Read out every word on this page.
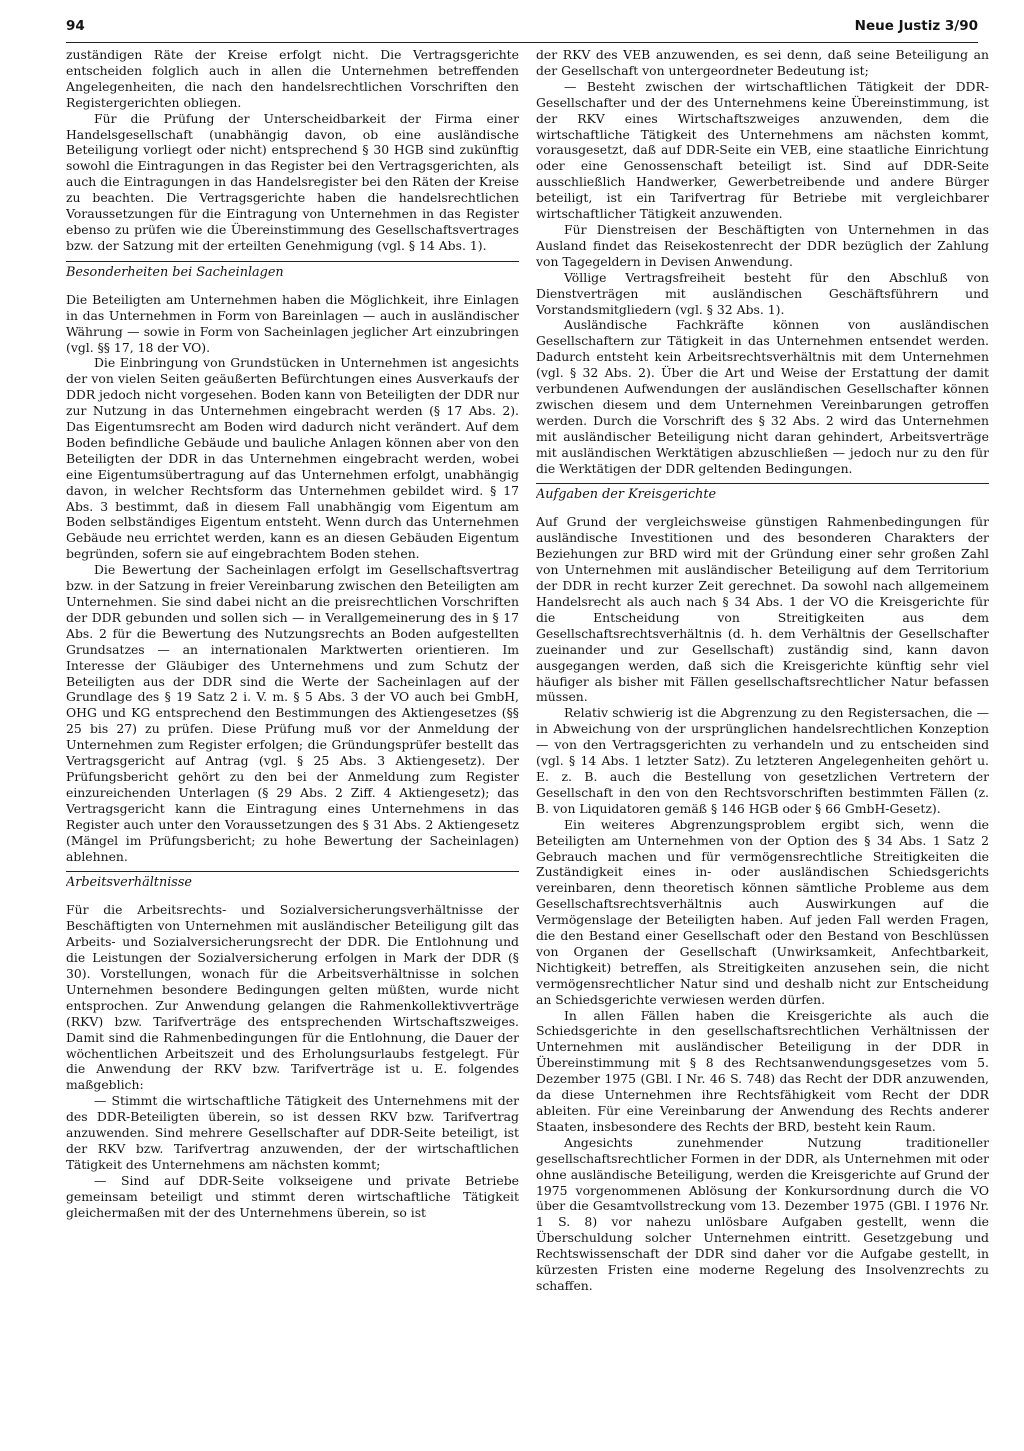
94	Neue Justiz 3/90

zuständigen Räte der Kreise erfolgt nicht. Die Vertragsgerichte entscheiden folglich auch in allen die Unternehmen betreffenden Angelegenheiten, die nach den handelsrechtlichen Vorschriften den Registergerichten obliegen.

Für die Prüfung der Unterscheidbarkeit der Firma einer Handelsgesellschaft (unabhängig davon, ob eine ausländische Beteiligung vorliegt oder nicht) entsprechend § 30 HGB sind zukünftig sowohl die Eintragungen in das Register bei den Vertragsgerichten, als auch die Eintragungen in das Handelsregister bei den Räten der Kreise zu beachten. Die Vertragsgerichte haben die handelsrechtlichen Voraussetzungen für die Eintragung von Unternehmen in das Register ebenso zu prüfen wie die Übereinstimmung des Gesellschaftsvertrages bzw. der Satzung mit der erteilten Genehmigung (vgl. § 14 Abs. 1).

Besonderheiten bei Sacheinlagen

Die Beteiligten am Unternehmen haben die Möglichkeit, ihre Einlagen in das Unternehmen in Form von Bareinlagen — auch in ausländischer Währung — sowie in Form von Sacheinlagen jeglicher Art einzubringen (vgl. §§ 17, 18 der VO).

Die Einbringung von Grundstücken in Unternehmen ist angesichts der von vielen Seiten geäußerten Befürchtungen eines Ausverkaufs der DDR jedoch nicht vorgesehen. Boden kann von Beteiligten der DDR nur zur Nutzung in das Unternehmen eingebracht werden (§ 17 Abs. 2). Das Eigentumsrecht am Boden wird dadurch nicht verändert. Auf dem Boden befindliche Gebäude und bauliche Anlagen können aber von den Beteiligten der DDR in das Unternehmen eingebracht werden, wobei eine Eigentumsübertragung auf das Unternehmen erfolgt, unabhängig davon, in welcher Rechtsform das Unternehmen gebildet wird. § 17 Abs. 3 bestimmt, daß in diesem Fall unabhängig vom Eigentum am Boden selbständiges Eigentum entsteht. Wenn durch das Unternehmen Gebäude neu errichtet werden, kann es an diesen Gebäuden Eigentum begründen, sofern sie auf eingebrachtem Boden stehen.

Die Bewertung der Sacheinlagen erfolgt im Gesellschaftsvertrag bzw. in der Satzung in freier Vereinbarung zwischen den Beteiligten am Unternehmen. Sie sind dabei nicht an die preisrechtlichen Vorschriften der DDR gebunden und sollen sich — in Verallgemeinerung des in § 17 Abs. 2 für die Bewertung des Nutzungsrechts an Boden aufgestellten Grundsatzes — an internationalen Marktwerten orientieren. Im Interesse der Gläubiger des Unternehmens und zum Schutz der Beteiligten aus der DDR sind die Werte der Sacheinlagen auf der Grundlage des § 19 Satz 2 i. V. m. § 5 Abs. 3 der VO auch bei GmbH, OHG und KG entsprechend den Bestimmungen des Aktiengesetzes (§§ 25 bis 27) zu prüfen. Diese Prüfung muß vor der Anmeldung der Unternehmen zum Register erfolgen; die Gründungsprüfer bestellt das Vertragsgericht auf Antrag (vgl. § 25 Abs. 3 Aktiengesetz). Der Prüfungsbericht gehört zu den bei der Anmeldung zum Register einzureichenden Unterlagen (§ 29 Abs. 2 Ziff. 4 Aktiengesetz); das Vertragsgericht kann die Eintragung eines Unternehmens in das Register auch unter den Voraussetzungen des § 31 Abs. 2 Aktiengesetz (Mängel im Prüfungsbericht; zu hohe Bewertung der Sacheinlagen) ablehnen.

Arbeitsverhältnisse

Für die Arbeitsrechts- und Sozialversicherungsverhältnisse der Beschäftigten von Unternehmen mit ausländischer Beteiligung gilt das Arbeits- und Sozialversicherungsrecht der DDR. Die Entlohnung und die Leistungen der Sozialversicherung erfolgen in Mark der DDR (§ 30). Vorstellungen, wonach für die Arbeitsverhältnisse in solchen Unternehmen besondere Bedingungen gelten müßten, wurde nicht entsprochen. Zur Anwendung gelangen die Rahmenkollektivverträge (RKV) bzw. Tarifverträge des entsprechenden Wirtschaftszweiges. Damit sind die Rahmenbedingungen für die Entlohnung, die Dauer der wöchentlichen Arbeitszeit und des Erholungsurlaubs festgelegt. Für die Anwendung der RKV bzw. Tarifverträge ist u. E. folgendes maßgeblich:

— Stimmt die wirtschaftliche Tätigkeit des Unternehmens mit der des DDR-Beteiligten überein, so ist dessen RKV bzw. Tarifvertrag anzuwenden. Sind mehrere Gesellschafter auf DDR-Seite beteiligt, ist der RKV bzw. Tarifvertrag anzuwenden, der der wirtschaftlichen Tätigkeit des Unternehmens am nächsten kommt;

— Sind auf DDR-Seite volkseigene und private Betriebe gemeinsam beteiligt und stimmt deren wirtschaftliche Tätigkeit gleichermaßen mit der des Unternehmens überein, so ist

der RKV des VEB anzuwenden, es sei denn, daß seine Beteiligung an der Gesellschaft von untergeordneter Bedeutung ist;

— Besteht zwischen der wirtschaftlichen Tätigkeit der DDR-Gesellschafter und der des Unternehmens keine Übereinstimmung, ist der RKV eines Wirtschaftszweiges anzuwenden, dem die wirtschaftliche Tätigkeit des Unternehmens am nächsten kommt, vorausgesetzt, daß auf DDR-Seite ein VEB, eine staatliche Einrichtung oder eine Genossenschaft beteiligt ist. Sind auf DDR-Seite ausschließlich Handwerker, Gewerbetreibende und andere Bürger beteiligt, ist ein Tarifvertrag für Betriebe mit vergleichbarer wirtschaftlicher Tätigkeit anzuwenden.

Für Dienstreisen der Beschäftigten von Unternehmen in das Ausland findet das Reisekostenrecht der DDR bezüglich der Zahlung von Tagegeldern in Devisen Anwendung.

Völlige Vertragsfreiheit besteht für den Abschluß von Dienstverträgen mit ausländischen Geschäftsführern und Vorstandsmitgliedern (vgl. § 32 Abs. 1).

Ausländische Fachkräfte können von ausländischen Gesellschaftern zur Tätigkeit in das Unternehmen entsendet werden. Dadurch entsteht kein Arbeitsrechtsverhältnis mit dem Unternehmen (vgl. § 32 Abs. 2). Über die Art und Weise der Erstattung der damit verbundenen Aufwendungen der ausländischen Gesellschafter können zwischen diesem und dem Unternehmen Vereinbarungen getroffen werden. Durch die Vorschrift des § 32 Abs. 2 wird das Unternehmen mit ausländischer Beteiligung nicht daran gehindert, Arbeitsverträge mit ausländischen Werktätigen abzuschließen — jedoch nur zu den für die Werktätigen der DDR geltenden Bedingungen.

Aufgaben der Kreisgerichte

Auf Grund der vergleichsweise günstigen Rahmenbedingungen für ausländische Investitionen und des besonderen Charakters der Beziehungen zur BRD wird mit der Gründung einer sehr großen Zahl von Unternehmen mit ausländischer Beteiligung auf dem Territorium der DDR in recht kurzer Zeit gerechnet. Da sowohl nach allgemeinem Handelsrecht als auch nach § 34 Abs. 1 der VO die Kreisgerichte für die Entscheidung von Streitigkeiten aus dem Gesellschaftsrechtsverhältnis (d. h. dem Verhältnis der Gesellschafter zueinander und zur Gesellschaft) zuständig sind, kann davon ausgegangen werden, daß sich die Kreisgerichte künftig sehr viel häufiger als bisher mit Fällen gesellschaftsrechtlicher Natur befassen müssen.

Relativ schwierig ist die Abgrenzung zu den Registersachen, die — in Abweichung von der ursprünglichen handelsrechtlichen Konzeption — von den Vertragsgerichten zu verhandeln und zu entscheiden sind (vgl. § 14 Abs. 1 letzter Satz). Zu letzteren Angelegenheiten gehört u. E. z. B. auch die Bestellung von gesetzlichen Vertretern der Gesellschaft in den von den Rechtsvorschriften bestimmten Fällen (z. B. von Liquidatoren gemäß § 146 HGB oder § 66 GmbH-Gesetz).

Ein weiteres Abgrenzungsproblem ergibt sich, wenn die Beteiligten am Unternehmen von der Option des § 34 Abs. 1 Satz 2 Gebrauch machen und für vermögensrechtliche Streitigkeiten die Zuständigkeit eines in- oder ausländischen Schiedsgerichts vereinbaren, denn theoretisch können sämtliche Probleme aus dem Gesellschaftsrechtsverhältnis auch Auswirkungen auf die Vermögenslage der Beteiligten haben. Auf jeden Fall werden Fragen, die den Bestand einer Gesellschaft oder den Bestand von Beschlüssen von Organen der Gesellschaft (Unwirksamkeit, Anfechtbarkeit, Nichtigkeit) betreffen, als Streitigkeiten anzusehen sein, die nicht vermögensrechtlicher Natur sind und deshalb nicht zur Entscheidung an Schiedsgerichte verwiesen werden dürfen.

In allen Fällen haben die Kreisgerichte als auch die Schiedsgerichte in den gesellschaftsrechtlichen Verhältnissen der Unternehmen mit ausländischer Beteiligung in der DDR in Übereinstimmung mit § 8 des Rechtsanwendungsgesetzes vom 5. Dezember 1975 (GBl. I Nr. 46 S. 748) das Recht der DDR anzuwenden, da diese Unternehmen ihre Rechtsfähigkeit vom Recht der DDR ableiten. Für eine Vereinbarung der Anwendung des Rechts anderer Staaten, insbesondere des Rechts der BRD, besteht kein Raum.

Angesichts zunehmender Nutzung traditioneller gesellschaftsrechtlicher Formen in der DDR, als Unternehmen mit oder ohne ausländische Beteiligung, werden die Kreisgerichte auf Grund der 1975 vorgenommenen Ablösung der Konkursordnung durch die VO über die Gesamtvollstreckung vom 13. Dezember 1975 (GBl. I 1976 Nr. 1 S. 8) vor nahezu unlösbare Aufgaben gestellt, wenn die Überschuldung solcher Unternehmen eintritt. Gesetzgebung und Rechtswissenschaft der DDR sind daher vor die Aufgabe gestellt, in kürzesten Fristen eine moderne Regelung des Insolvenzrechts zu schaffen.
